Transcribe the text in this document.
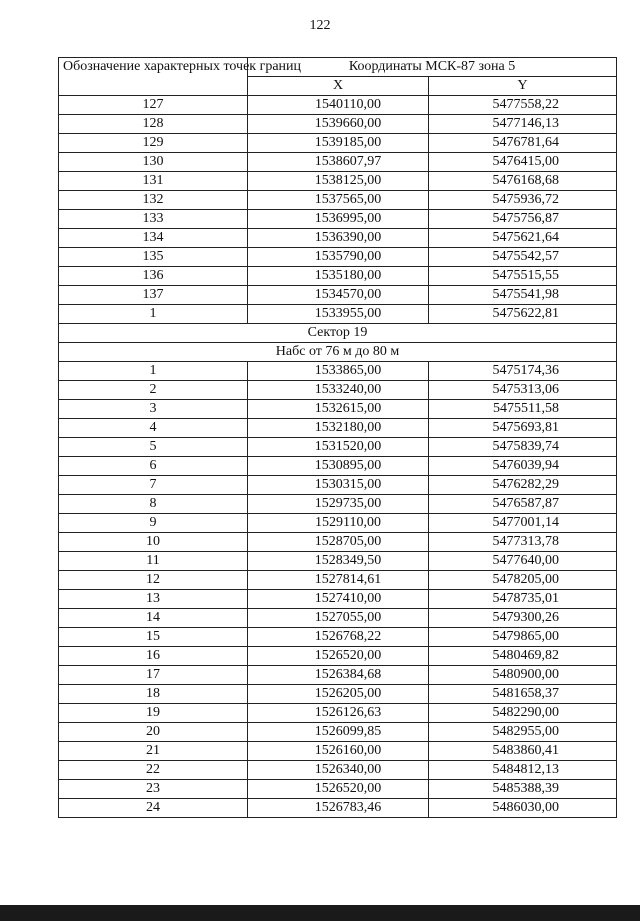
122
Обозначение характерных точек границ	Координаты МСК-87 зона 5	
	X	Y
127	1540110,00	5477558,22
128	1539660,00	5477146,13
129	1539185,00	5476781,64
130	1538607,97	5476415,00
131	1538125,00	5476168,68
132	1537565,00	5475936,72
133	1536995,00	5475756,87
134	1536390,00	5475621,64
135	1535790,00	5475542,57
136	1535180,00	5475515,55
137	1534570,00	5475541,98
1	1533955,00	5475622,81
Сектор 19		
Набс от 76 м до 80 м		
1	1533865,00	5475174,36
2	1533240,00	5475313,06
3	1532615,00	5475511,58
4	1532180,00	5475693,81
5	1531520,00	5475839,74
6	1530895,00	5476039,94
7	1530315,00	5476282,29
8	1529735,00	5476587,87
9	1529110,00	5477001,14
10	1528705,00	5477313,78
11	1528349,50	5477640,00
12	1527814,61	5478205,00
13	1527410,00	5478735,01
14	1527055,00	5479300,26
15	1526768,22	5479865,00
16	1526520,00	5480469,82
17	1526384,68	5480900,00
18	1526205,00	5481658,37
19	1526126,63	5482290,00
20	1526099,85	5482955,00
21	1526160,00	5483860,41
22	1526340,00	5484812,13
23	1526520,00	5485388,39
24	1526783,46	5486030,00
